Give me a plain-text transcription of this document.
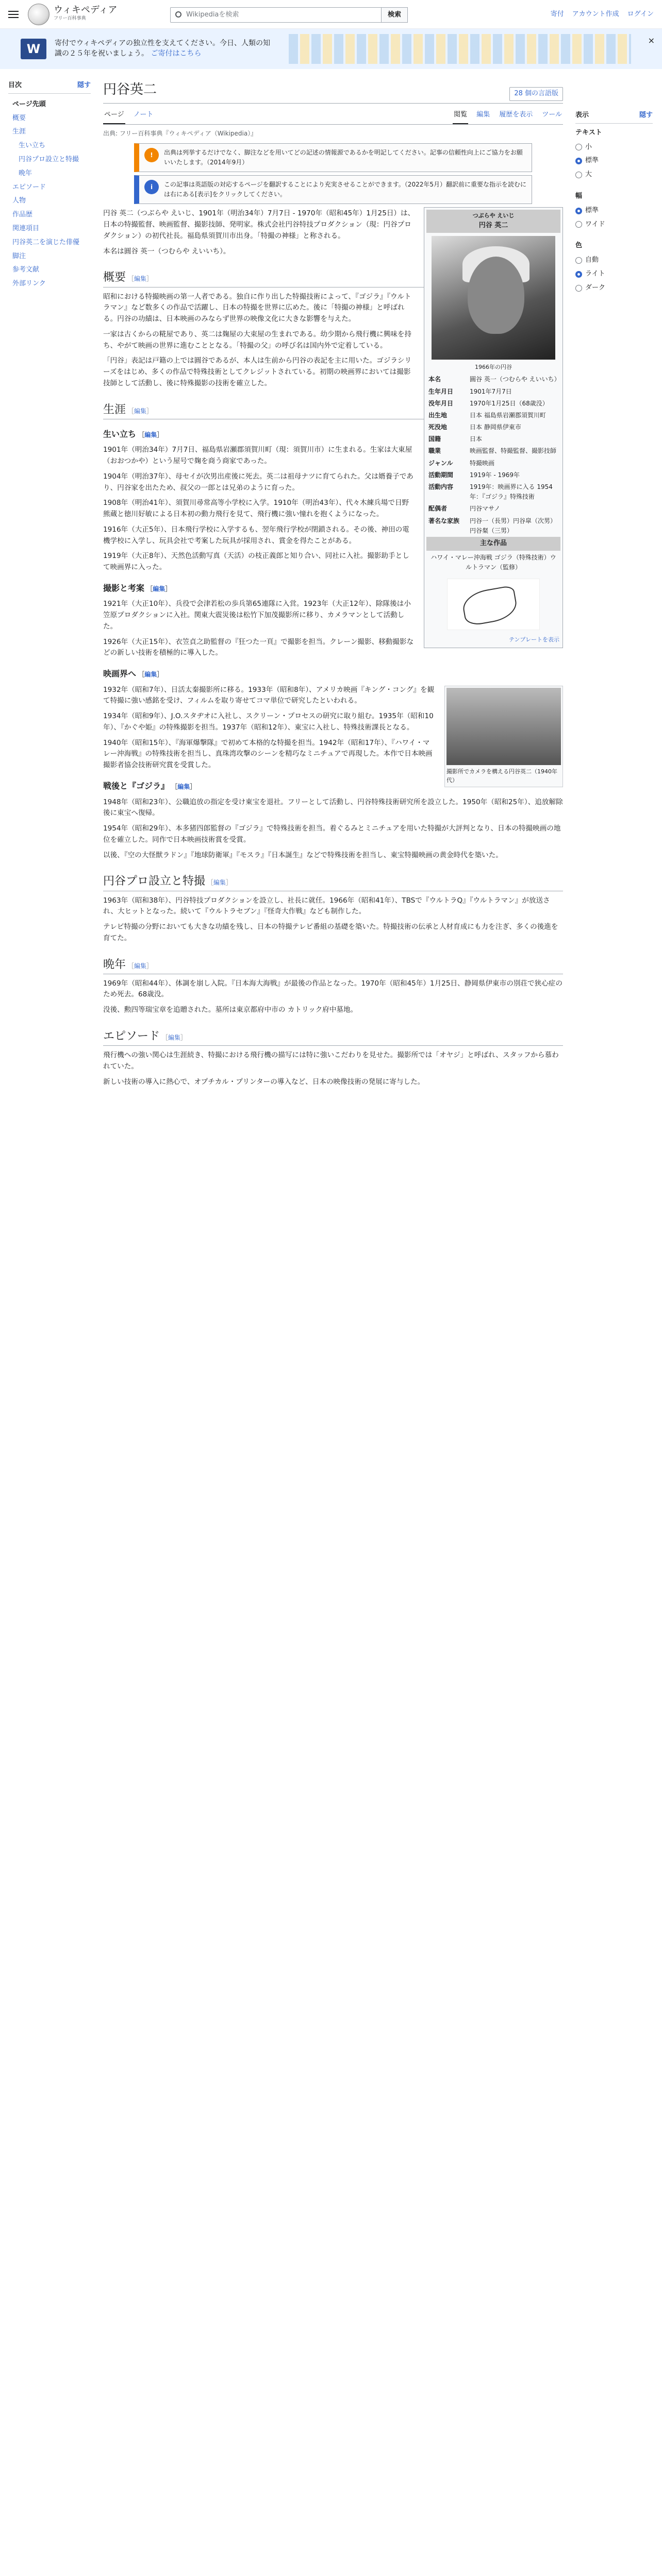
ウィキペディア
フリー百科事典
Wikipediaを検索	検索	寄付 アカウント作成 ログイン
W	寄付でウィキペディアの独立性を支えてください。今日、人類の知識の２５年を祝いましょう。 ご寄付はこちら
×
目次	隠す
ページ先頭
概要
生涯
生い立ち
円谷プロ設立と特撮
晩年
エピソード
人物
作品歴
関連項目
円谷英二を演じた俳優
脚注
参考文献
外部リンク
円谷英二	28 個の言語版
ページ ノート	閲覧 編集 履歴を表示 ツール
出典: フリー百科事典『ウィキペディア（Wikipedia）』
!	出典は列挙するだけでなく、脚注などを用いてどの記述の情報源であるかを明記してください。記事の信頼性向上にご協力をお願いいたします。（2014年9月）
i	この記事は英語版の対応するページを翻訳することにより充実させることができます。（2022年5月）翻訳前に重要な指示を読むには右にある[表示]をクリックしてください。
つぶらや えいじ
円谷 英二
1966年の円谷
本名	圓谷 英一（つむらや えいいち）
生年月日	1901年7月7日
没年月日	1970年1月25日（68歳没）
出生地	日本 福島県岩瀬郡須賀川町
死没地	日本 静岡県伊東市
国籍	日本
職業	映画監督、特撮監督、撮影技師
ジャンル	特撮映画
活動期間	1919年 - 1969年
活動内容	1919年：映画界に入る 1954年：『ゴジラ』特殊技術
配偶者	円谷マサノ
著名な家族	円谷一（長男）円谷皐（次男）円谷粲（三男）
主な作品
ハワイ・マレー沖海戦 ゴジラ（特殊技術）ウルトラマン（監修）
テンプレートを表示

円谷 英二（つぶらや えいじ、1901年（明治34年）7月7日 - 1970年（昭和45年）1月25日）は、日本の特撮監督、映画監督、撮影技師、発明家。株式会社円谷特技プロダクション（現：円谷プロダクション）の初代社長。福島県須賀川市出身。「特撮の神様」と称される。

本名は圓谷 英一（つむらや えいいち）。

概要 ［編集］

昭和における特撮映画の第一人者である。独自に作り出した特撮技術によって、『ゴジラ』『ウルトラマン』など数多くの作品で活躍し、日本の特撮を世界に広めた。後に「特撮の神様」と呼ばれる。円谷の功績は、日本映画のみならず世界の映像文化に大きな影響を与えた。

一家は古くからの糀屋であり、英二は麹屋の大束屋の生まれである。幼少期から飛行機に興味を持ち、やがて映画の世界に進むこととなる。「特撮の父」の呼び名は国内外で定着している。

「円谷」表記は戸籍の上では圓谷であるが、本人は生前から円谷の表記を主に用いた。ゴジラシリーズをはじめ、多くの作品で特殊技術としてクレジットされている。初期の映画界においては撮影技師として活動し、後に特殊撮影の技術を確立した。

生涯 ［編集］
生い立ち ［編集］

1901年（明治34年）7月7日、福島県岩瀬郡須賀川町（現：須賀川市）に生まれる。生家は大東屋（おおつかや）という屋号で麹を商う商家であった。

1904年（明治37年）、母セイが次男出産後に死去。英二は祖母ナツに育てられた。父は婿養子であり、円谷家を出たため、叔父の一郎とは兄弟のように育った。

1908年（明治41年）、須賀川尋常高等小学校に入学。1910年（明治43年）、代々木練兵場で日野熊蔵と徳川好敏による日本初の動力飛行を見て、飛行機に強い憧れを抱くようになった。

1916年（大正5年）、日本飛行学校に入学するも、翌年飛行学校が閉鎖される。その後、神田の電機学校に入学し、玩具会社で考案した玩具が採用され、賞金を得たことがある。

1919年（大正8年）、天然色活動写真（天活）の枝正義郎と知り合い、同社に入社。撮影助手として映画界に入った。

撮影と考案 ［編集］

1921年（大正10年）、兵役で会津若松の歩兵第65連隊に入営。1923年（大正12年）、除隊後は小笠原プロダクションに入社。関東大震災後は松竹下加茂撮影所に移り、カメラマンとして活動した。

1926年（大正15年）、衣笠貞之助監督の『狂つた一頁』で撮影を担当。クレーン撮影、移動撮影などの新しい技術を積極的に導入した。

映画界へ ［編集］
撮影所でカメラを構える円谷英二（1940年代）

1932年（昭和7年）、日活太秦撮影所に移る。1933年（昭和8年）、アメリカ映画『キング・コング』を観て特撮に強い感銘を受け、フィルムを取り寄せてコマ単位で研究したといわれる。

1934年（昭和9年）、J.O.スタヂオに入社し、スクリーン・プロセスの研究に取り組む。1935年（昭和10年）、『かぐや姫』の特殊撮影を担当。1937年（昭和12年）、東宝に入社し、特殊技術課長となる。

1940年（昭和15年）、『海軍爆撃隊』で初めて本格的な特撮を担当。1942年（昭和17年）、『ハワイ・マレー沖海戦』の特殊技術を担当し、真珠湾攻撃のシーンを精巧なミニチュアで再現した。本作で日本映画撮影者協会技術研究賞を受賞した。

戦後と『ゴジラ』 ［編集］

1948年（昭和23年）、公職追放の指定を受け東宝を退社。フリーとして活動し、円谷特殊技術研究所を設立した。1950年（昭和25年）、追放解除後に東宝へ復帰。

1954年（昭和29年）、本多猪四郎監督の『ゴジラ』で特殊技術を担当。着ぐるみとミニチュアを用いた特撮が大評判となり、日本の特撮映画の地位を確立した。同作で日本映画技術賞を受賞。

以後、『空の大怪獣ラドン』『地球防衛軍』『モスラ』『日本誕生』などで特殊技術を担当し、東宝特撮映画の黄金時代を築いた。

円谷プロ設立と特撮 ［編集］

1963年（昭和38年）、円谷特技プロダクションを設立し、社長に就任。1966年（昭和41年）、TBSで『ウルトラQ』『ウルトラマン』が放送され、大ヒットとなった。続いて『ウルトラセブン』『怪奇大作戦』なども制作した。

テレビ特撮の分野においても大きな功績を残し、日本の特撮テレビ番組の基礎を築いた。特撮技術の伝承と人材育成にも力を注ぎ、多くの後進を育てた。

晩年 ［編集］

1969年（昭和44年）、体調を崩し入院。『日本海大海戦』が最後の作品となった。1970年（昭和45年）1月25日、静岡県伊東市の別荘で狭心症のため死去。68歳没。

没後、勲四等瑞宝章を追贈された。墓所は東京都府中市の カトリック府中墓地。

エピソード ［編集］

飛行機への強い関心は生涯続き、特撮における飛行機の描写には特に強いこだわりを見せた。撮影所では「オヤジ」と呼ばれ、スタッフから慕われていた。

新しい技術の導入に熱心で、オプチカル・プリンターの導入など、日本の映像技術の発展に寄与した。

表示	隠す
テキスト
小
標準
大
幅
標準
ワイド
色
自動
ライト
ダーク
